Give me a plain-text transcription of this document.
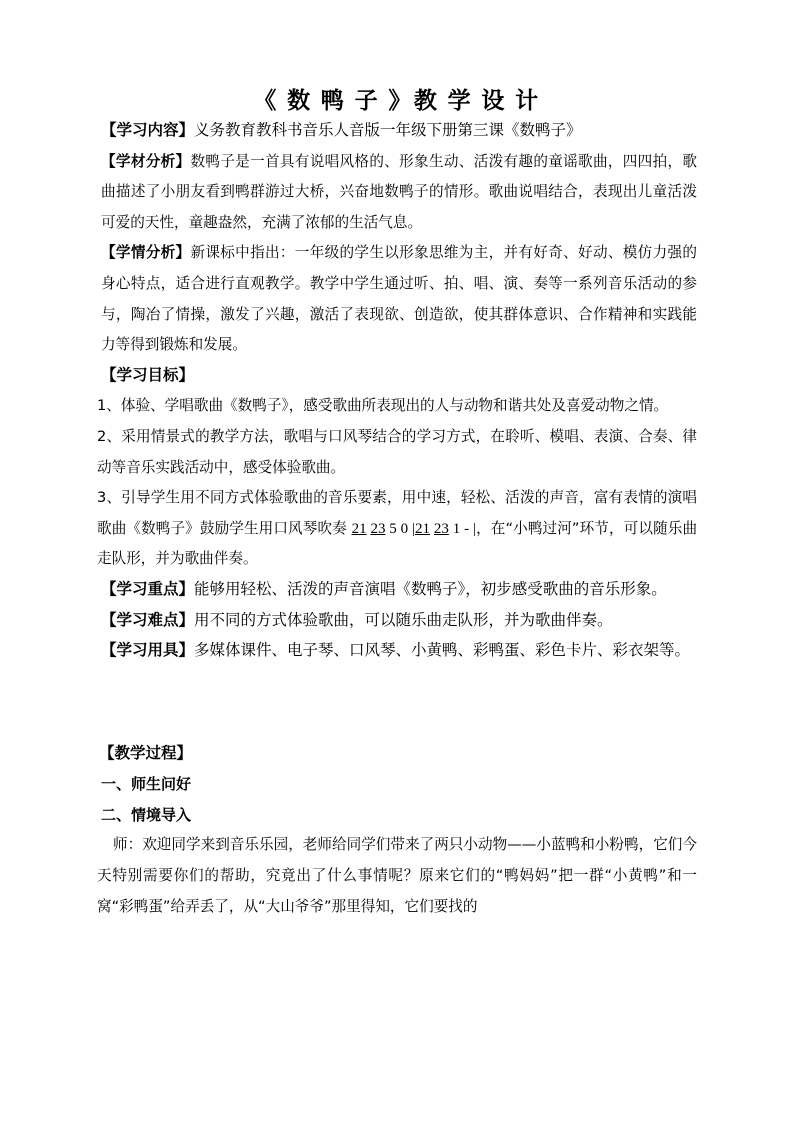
《 数 鸭 子 》教 学 设 计

【学习内容】义务教育教科书音乐人音版一年级下册第三课《数鸭子》

【学材分析】数鸭子是一首具有说唱风格的、形象生动、活泼有趣的童谣歌曲，四四拍，歌曲描述了小朋友看到鸭群游过大桥，兴奋地数鸭子的情形。歌曲说唱结合，表现出儿童活泼可爱的天性，童趣盎然，充满了浓郁的生活气息。

【学情分析】新课标中指出：一年级的学生以形象思维为主，并有好奇、好动、模仿力强的身心特点，适合进行直观教学。教学中学生通过听、拍、唱、演、奏等一系列音乐活动的参与，陶冶了情操，激发了兴趣，激活了表现欲、创造欲，使其群体意识、合作精神和实践能力等得到锻炼和发展。

【学习目标】

1、体验、学唱歌曲《数鸭子》，感受歌曲所表现出的人与动物和谐共处及喜爱动物之情。

2、采用情景式的教学方法，歌唱与口风琴结合的学习方式，在聆听、模唱、表演、合奏、律动等音乐实践活动中，感受体验歌曲。

3、引导学生用不同方式体验歌曲的音乐要素，用中速，轻松、活泼的声音，富有表情的演唱歌曲《数鸭子》鼓励学生用口风琴吹奏 21 23 5 0 |21 23 1 - |，在“小鸭过河”环节，可以随乐曲走队形，并为歌曲伴奏。

【学习重点】能够用轻松、活泼的声音演唱《数鸭子》，初步感受歌曲的音乐形象。

【学习难点】用不同的方式体验歌曲，可以随乐曲走队形，并为歌曲伴奏。

【学习用具】多媒体课件、电子琴、口风琴、小黄鸭、彩鸭蛋、彩色卡片、彩衣架等。

【教学过程】

一、师生问好

二、情境导入

师：欢迎同学来到音乐乐园，老师给同学们带来了两只小动物——小蓝鸭和小粉鸭，它们今天特别需要你们的帮助，究竟出了什么事情呢？原来它们的“鸭妈妈”把一群“小黄鸭”和一窝“彩鸭蛋”给弄丢了，从“大山爷爷”那里得知，它们要找的
